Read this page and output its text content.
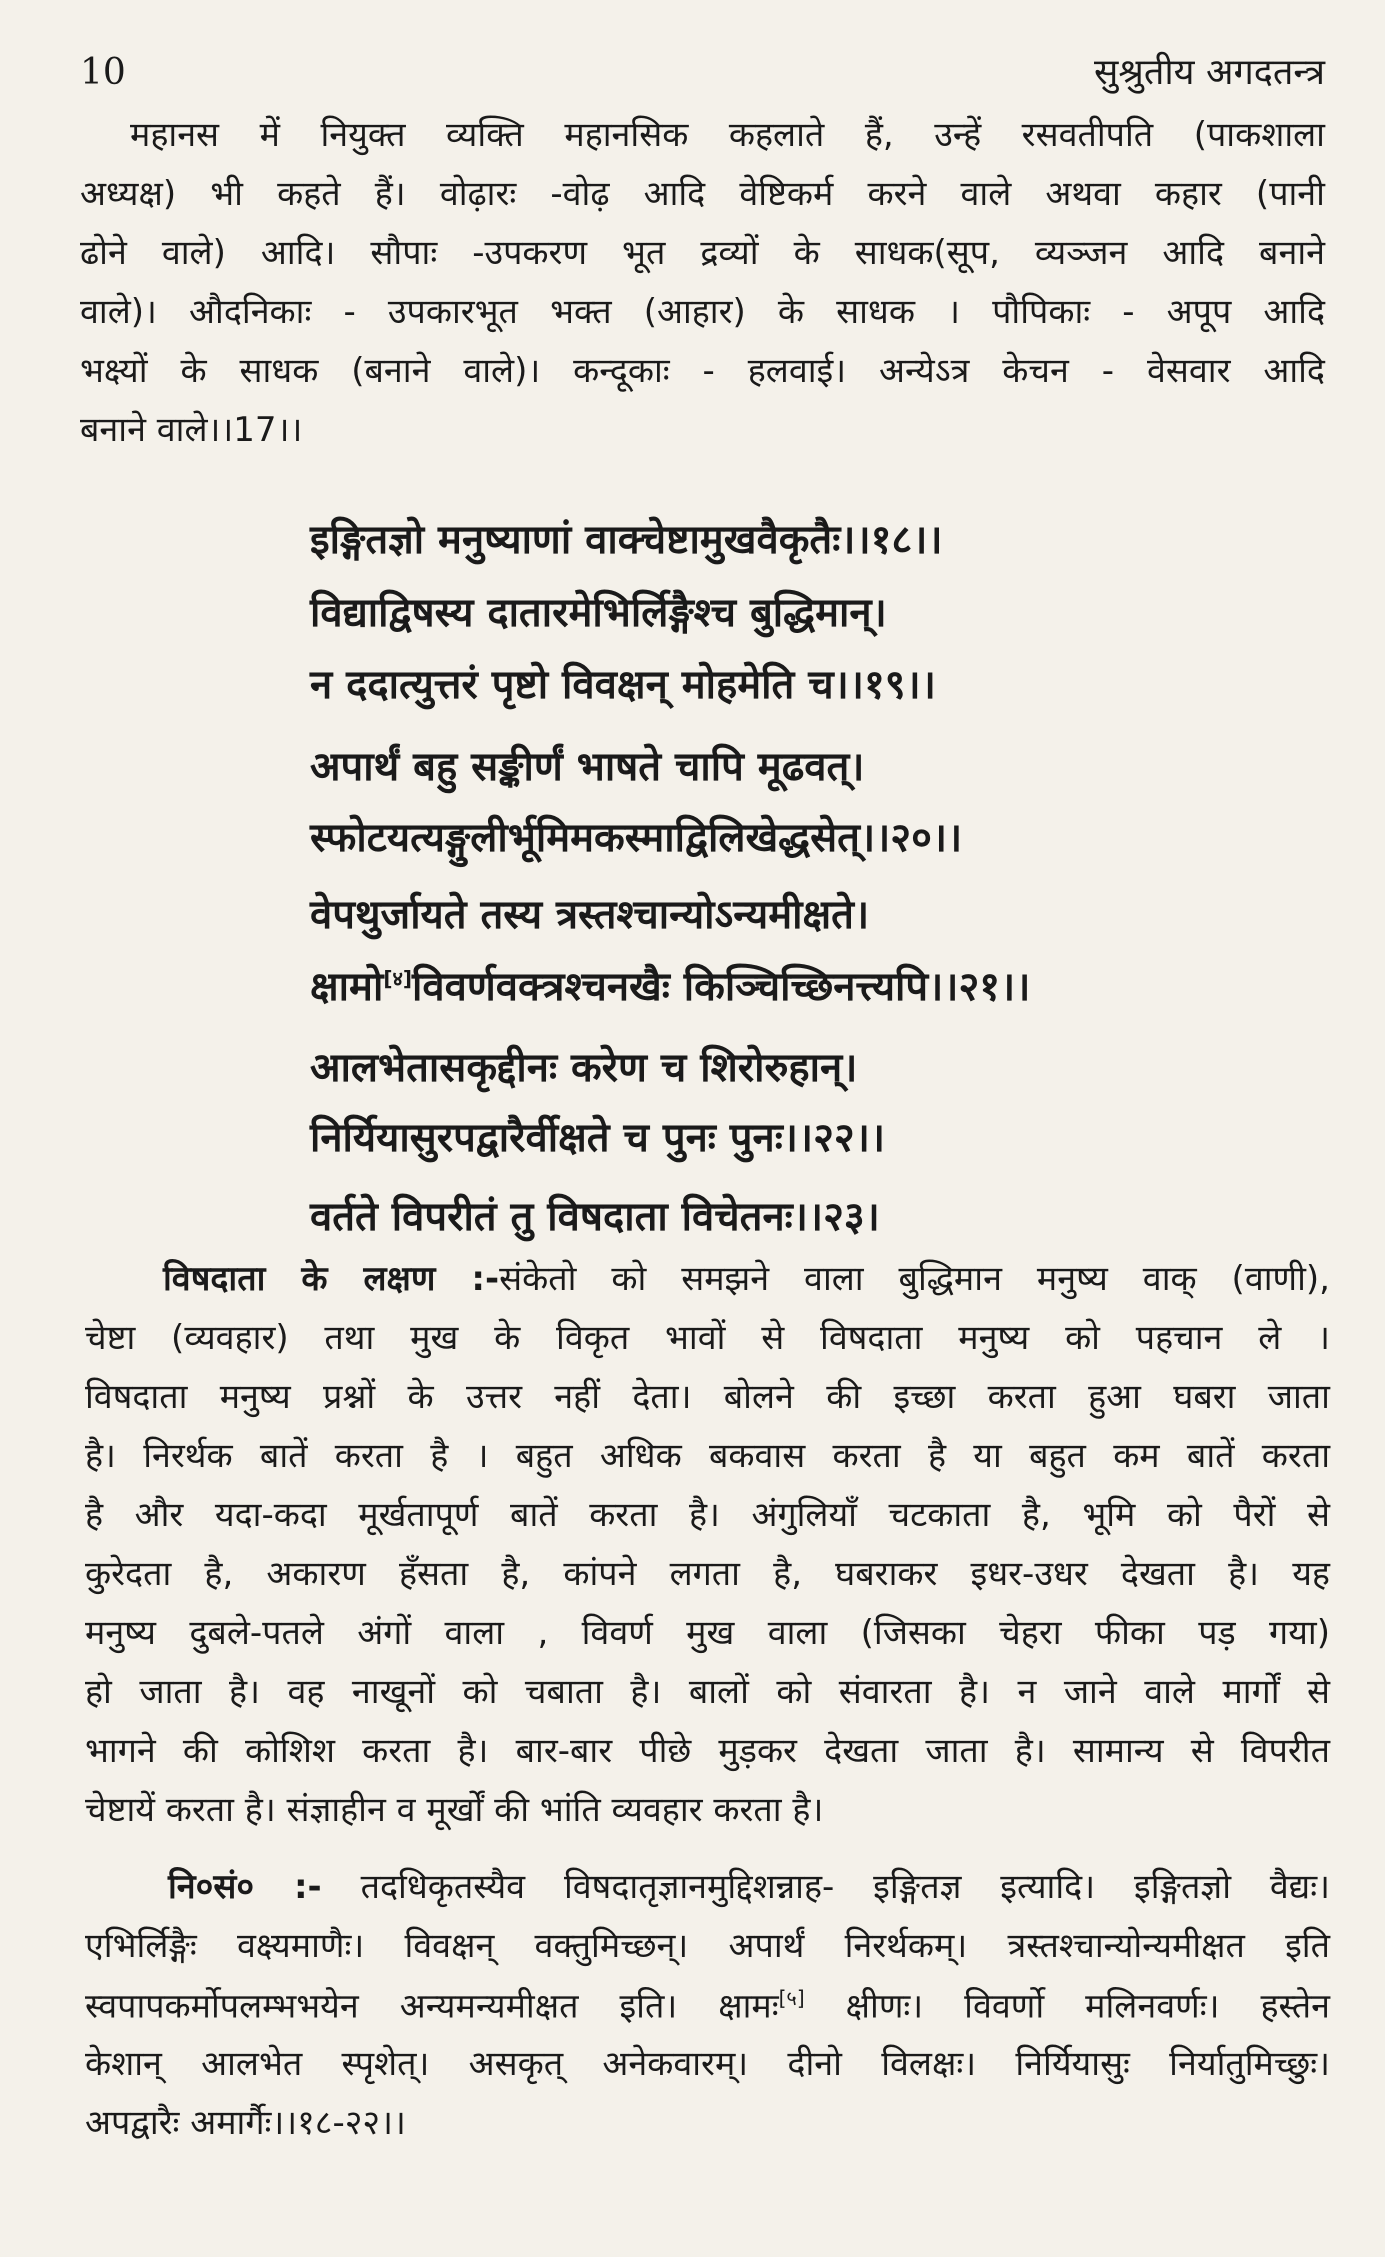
10	सुश्रुतीय अगदतन्त्र
महानस में नियुक्त व्यक्ति महानसिक कहलाते हैं, उन्हें रसवतीपति (पाकशाला
अध्यक्ष) भी कहते हैं। वोढ़ारः -वोढ़ आदि वेष्टिकर्म करने वाले अथवा कहार (पानी
ढोने वाले) आदि। सौपाः -उपकरण भूत द्रव्यों के साधक(सूप, व्यञ्जन आदि बनाने
वाले)। औदनिकाः - उपकारभूत भक्त (आहार) के साधक । पौपिकाः - अपूप आदि
भक्ष्यों के साधक (बनाने वाले)। कन्दूकाः - हलवाई। अन्येऽत्र केचन - वेसवार आदि
बनाने वाले।।17।।
इङ्गितज्ञो मनुष्याणां वाक्चेष्टामुखवैकृतैः।।१८।।
विद्याद्विषस्य दातारमेभिर्लिङ्गैश्च बुद्धिमान्।
न ददात्युत्तरं पृष्टो विवक्षन् मोहमेति च।।१९।।
अपार्थं बहु सङ्कीर्णं भाषते चापि मूढवत्।
स्फोटयत्यङ्गुलीर्भूमिमकस्माद्विलिखेद्धसेत्।।२०।।
वेपथुर्जायते तस्य त्रस्तश्चान्योऽन्यमीक्षते।
क्षामो[४]विवर्णवक्त्रश्चनखैः किञ्चिच्छिनत्त्यपि।।२१।।
आलभेतासकृद्दीनः करेण च शिरोरुहान्।
निर्यियासुरपद्वारैर्वीक्षते च पुनः पुनः।।२२।।
वर्तते विपरीतं तु विषदाता विचेतनः।।२३।
विषदाता के लक्षण :-संकेतो को समझने वाला बुद्धिमान मनुष्य वाक् (वाणी),
चेष्टा (व्यवहार) तथा मुख के विकृत भावों से विषदाता मनुष्य को पहचान ले ।
विषदाता मनुष्य प्रश्नों के उत्तर नहीं देता। बोलने की इच्छा करता हुआ घबरा जाता
है। निरर्थक बातें करता है । बहुत अधिक बकवास करता है या बहुत कम बातें करता
है और यदा-कदा मूर्खतापूर्ण बातें करता है। अंगुलियाँ चटकाता है, भूमि को पैरों से
कुरेदता है, अकारण हँसता है, कांपने लगता है, घबराकर इधर-उधर देखता है। यह
मनुष्य दुबले-पतले अंगों वाला , विवर्ण मुख वाला (जिसका चेहरा फीका पड़ गया)
हो जाता है। वह नाखूनों को चबाता है। बालों को संवारता है। न जाने वाले मार्गों से
भागने की कोशिश करता है। बार-बार पीछे मुड़कर देखता जाता है। सामान्य से विपरीत
चेष्टायें करता है। संज्ञाहीन व मूर्खों की भांति व्यवहार करता है।
नि०सं० :- तदधिकृतस्यैव विषदातृज्ञानमुद्दिशन्नाह- इङ्गितज्ञ इत्यादि। इङ्गितज्ञो वैद्यः।
एभिर्लिङ्गैः वक्ष्यमाणैः। विवक्षन् वक्तुमिच्छन्। अपार्थं निरर्थकम्। त्रस्तश्चान्योन्यमीक्षत इति
स्वपापकर्मोपलम्भभयेन अन्यमन्यमीक्षत इति। क्षामः[५] क्षीणः। विवर्णो मलिनवर्णः। हस्तेन
केशान् आलभेत स्पृशेत्। असकृत् अनेकवारम्। दीनो विलक्षः। निर्यियासुः निर्यातुमिच्छुः।
अपद्वारैः अमार्गैः।।१८-२२।।
